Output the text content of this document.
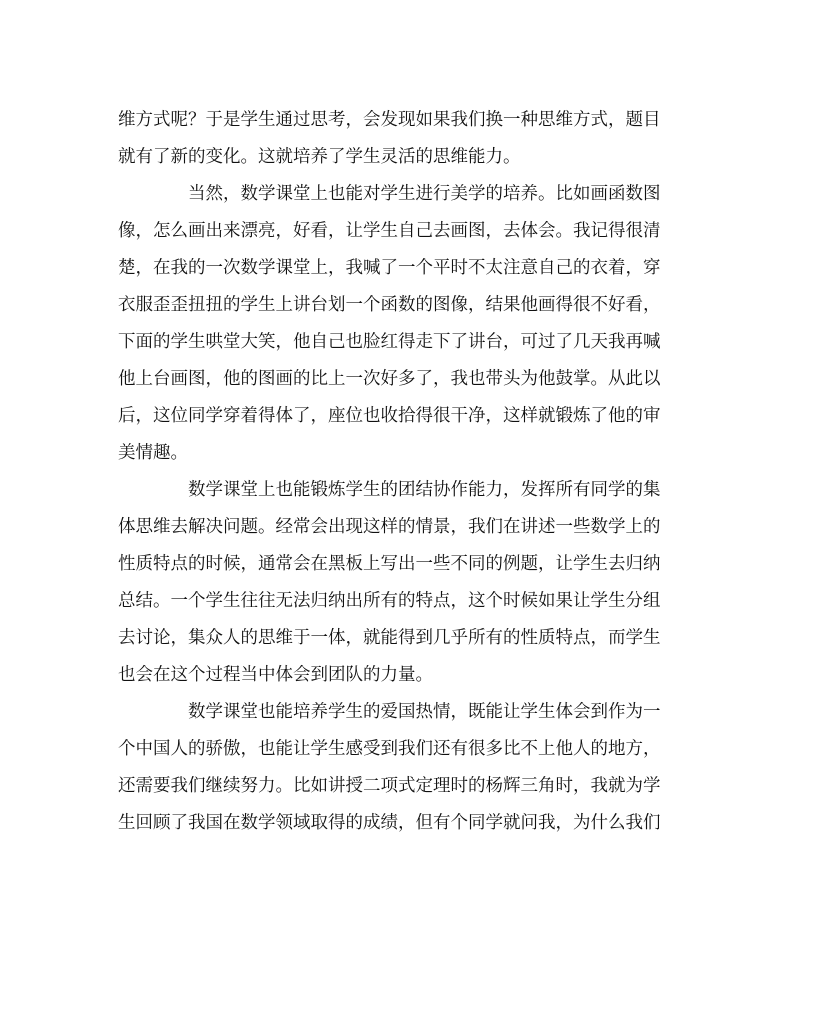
维方式呢？于是学生通过思考，会发现如果我们换一种思维方式，题目
就有了新的变化。这就培养了学生灵活的思维能力。
当然，数学课堂上也能对学生进行美学的培养。比如画函数图
像，怎么画出来漂亮，好看，让学生自己去画图，去体会。我记得很清
楚，在我的一次数学课堂上，我喊了一个平时不太注意自己的衣着，穿
衣服歪歪扭扭的学生上讲台划一个函数的图像，结果他画得很不好看，
下面的学生哄堂大笑，他自己也脸红得走下了讲台，可过了几天我再喊
他上台画图，他的图画的比上一次好多了，我也带头为他鼓掌。从此以
后，这位同学穿着得体了，座位也收拾得很干净，这样就锻炼了他的审
美情趣。
数学课堂上也能锻炼学生的团结协作能力，发挥所有同学的集
体思维去解决问题。经常会出现这样的情景，我们在讲述一些数学上的
性质特点的时候，通常会在黑板上写出一些不同的例题，让学生去归纳
总结。一个学生往往无法归纳出所有的特点，这个时候如果让学生分组
去讨论，集众人的思维于一体，就能得到几乎所有的性质特点，而学生
也会在这个过程当中体会到团队的力量。
数学课堂也能培养学生的爱国热情，既能让学生体会到作为一
个中国人的骄傲，也能让学生感受到我们还有很多比不上他人的地方，
还需要我们继续努力。比如讲授二项式定理时的杨辉三角时，我就为学
生回顾了我国在数学领域取得的成绩，但有个同学就问我，为什么我们
